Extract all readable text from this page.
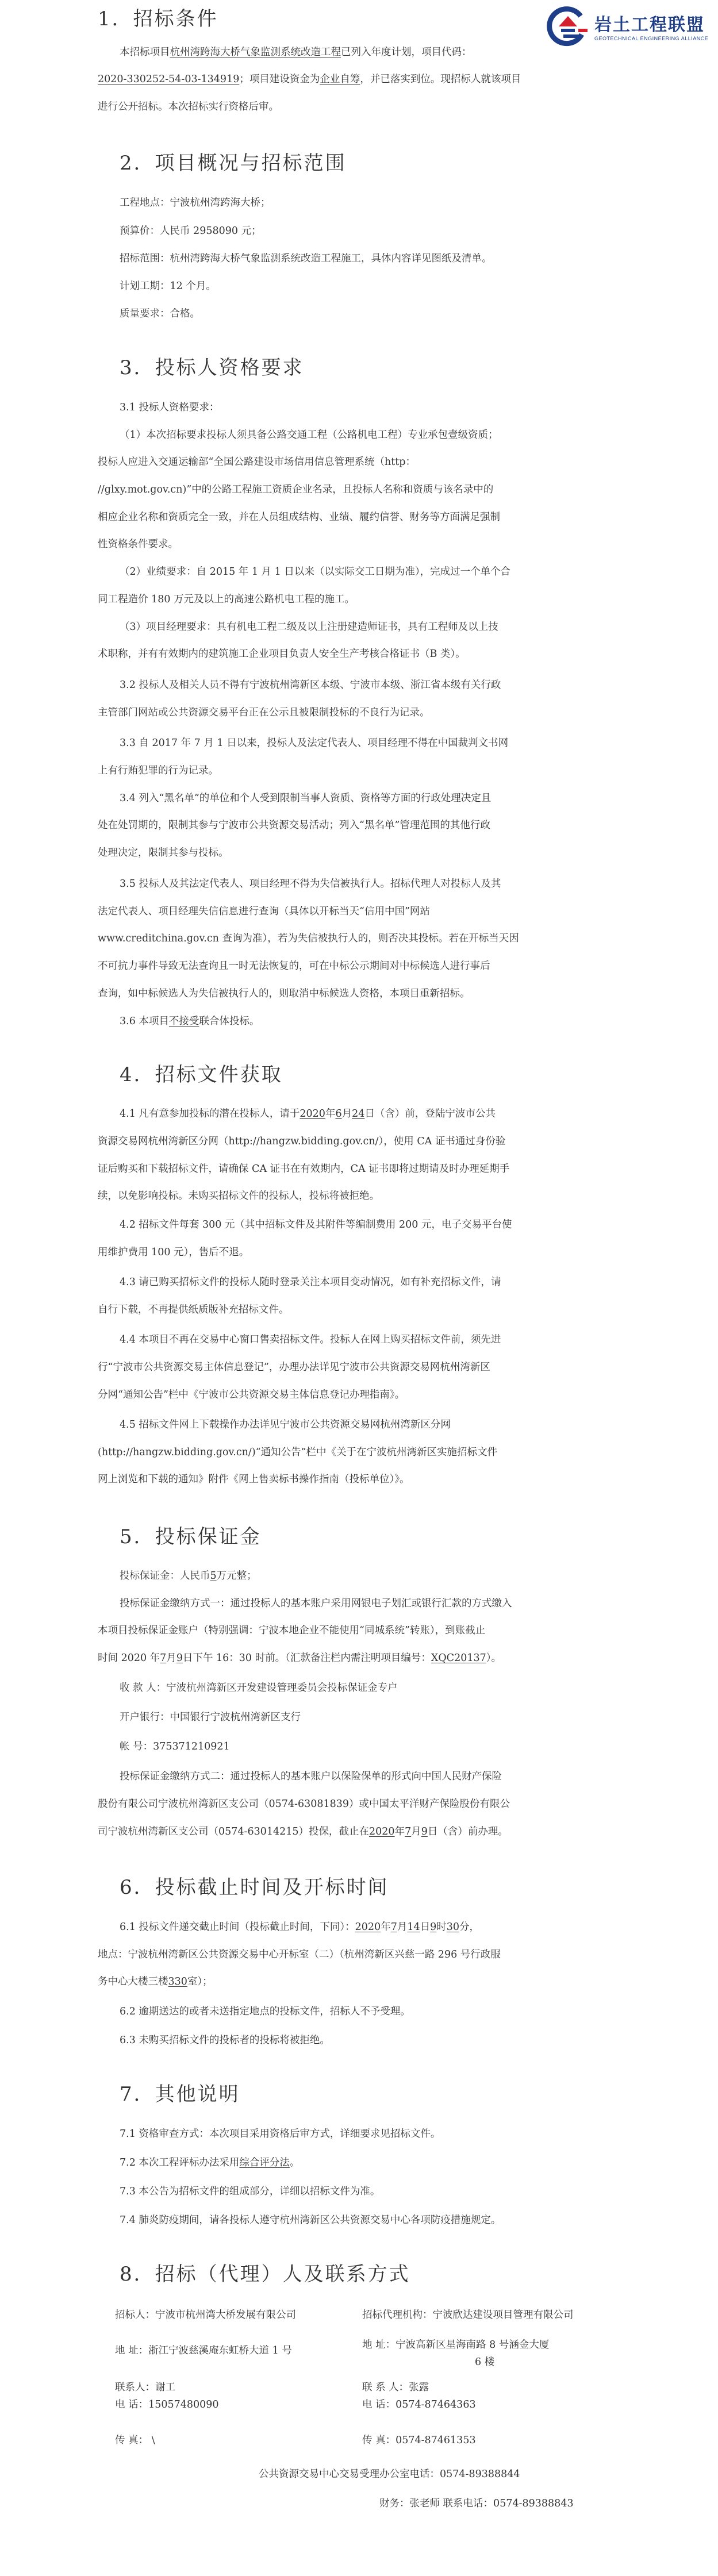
岩土工程联盟
GEOTECHNICAL ENGINEERING ALLIANCE
1．招标条件
本招标项目杭州湾跨海大桥气象监测系统改造工程已列入年度计划，项目代码：
2020-330252-54-03-134919；项目建设资金为企业自筹，并已落实到位。现招标人就该项目
进行公开招标。本次招标实行资格后审。
2．项目概况与招标范围
工程地点：宁波杭州湾跨海大桥；
预算价：人民币 2958090 元；
招标范围：杭州湾跨海大桥气象监测系统改造工程施工，具体内容详见图纸及清单。
计划工期：12 个月。
质量要求：合格。
3．投标人资格要求
3.1 投标人资格要求：
（1）本次招标要求投标人须具备公路交通工程（公路机电工程）专业承包壹级资质；
投标人应进入交通运输部“全国公路建设市场信用信息管理系统（http：
//glxy.mot.gov.cn)”中的公路工程施工资质企业名录，且投标人名称和资质与该名录中的
相应企业名称和资质完全一致，并在人员组成结构、业绩、履约信誉、财务等方面满足强制
性资格条件要求。
（2）业绩要求：自 2015 年 1 月 1 日以来（以实际交工日期为准），完成过一个单个合
同工程造价 180 万元及以上的高速公路机电工程的施工。
（3）项目经理要求：具有机电工程二级及以上注册建造师证书，具有工程师及以上技
术职称，并有有效期内的建筑施工企业项目负责人安全生产考核合格证书（B 类）。
3.2 投标人及相关人员不得有宁波杭州湾新区本级、宁波市本级、浙江省本级有关行政
主管部门网站或公共资源交易平台正在公示且被限制投标的不良行为记录。
3.3 自 2017 年 7 月 1 日以来，投标人及法定代表人、项目经理不得在中国裁判文书网
上有行贿犯罪的行为记录。
3.4 列入“黑名单”的单位和个人受到限制当事人资质、资格等方面的行政处理决定且
处在处罚期的，限制其参与宁波市公共资源交易活动；列入“黑名单”管理范围的其他行政
处理决定，限制其参与投标。
3.5 投标人及其法定代表人、项目经理不得为失信被执行人。招标代理人对投标人及其
法定代表人、项目经理失信信息进行查询（具体以开标当天“信用中国”网站
www.creditchina.gov.cn 查询为准），若为失信被执行人的，则否决其投标。若在开标当天因
不可抗力事件导致无法查询且一时无法恢复的，可在中标公示期间对中标候选人进行事后
查询，如中标候选人为失信被执行人的，则取消中标候选人资格，本项目重新招标。
3.6 本项目不接受联合体投标。
4．招标文件获取
4.1 凡有意参加投标的潜在投标人，请于2020年6月24日（含）前，登陆宁波市公共
资源交易网杭州湾新区分网（http://hangzw.bidding.gov.cn/），使用 CA 证书通过身份验
证后购买和下载招标文件，请确保 CA 证书在有效期内，CA 证书即将过期请及时办理延期手
续，以免影响投标。未购买招标文件的投标人，投标将被拒绝。
4.2 招标文件每套 300 元（其中招标文件及其附件等编制费用 200 元，电子交易平台使
用维护费用 100 元），售后不退。
4.3 请已购买招标文件的投标人随时登录关注本项目变动情况，如有补充招标文件，请
自行下载，不再提供纸质版补充招标文件。
4.4 本项目不再在交易中心窗口售卖招标文件。投标人在网上购买招标文件前，须先进
行“宁波市公共资源交易主体信息登记”，办理办法详见宁波市公共资源交易网杭州湾新区
分网“通知公告”栏中《宁波市公共资源交易主体信息登记办理指南》。
4.5 招标文件网上下载操作办法详见宁波市公共资源交易网杭州湾新区分网
(http://hangzw.bidding.gov.cn/)“通知公告”栏中《关于在宁波杭州湾新区实施招标文件
网上浏览和下载的通知》附件《网上售卖标书操作指南（投标单位）》。
5．投标保证金
投标保证金：人民币5万元整；
投标保证金缴纳方式一：通过投标人的基本账户采用网银电子划汇或银行汇款的方式缴入
本项目投标保证金账户（特别强调：宁波本地企业不能使用“同城系统”转账），到账截止
时间 2020 年7月9日下午 16：30 时前。（汇款备注栏内需注明项目编号：XQC20137）。
收 款 人：宁波杭州湾新区开发建设管理委员会投标保证金专户
开户银行：中国银行宁波杭州湾新区支行
帐 号：375371210921
投标保证金缴纳方式二：通过投标人的基本账户以保险保单的形式向中国人民财产保险
股份有限公司宁波杭州湾新区支公司（0574-63081839）或中国太平洋财产保险股份有限公
司宁波杭州湾新区支公司（0574-63014215）投保，截止在2020年7月9日（含）前办理。
6．投标截止时间及开标时间
6.1 投标文件递交截止时间（投标截止时间，下同）：2020年7月14日9时30分，
地点：宁波杭州湾新区公共资源交易中心开标室（二）（杭州湾新区兴慈一路 296 号行政服
务中心大楼三楼330室）；
6.2 逾期送达的或者未送指定地点的投标文件，招标人不予受理。
6.3 未购买招标文件的投标者的投标将被拒绝。
7．其他说明
7.1 资格审查方式：本次项目采用资格后审方式，详细要求见招标文件。
7.2 本次工程评标办法采用综合评分法。
7.3 本公告为招标文件的组成部分，详细以招标文件为准。
7.4 肺炎防疫期间，请各投标人遵守杭州湾新区公共资源交易中心各项防疫措施规定。
8．招标（代理）人及联系方式
招标人：宁波市杭州湾大桥发展有限公司	招标代理机构：宁波欣达建设项目管理有限公司
地 址：浙江宁波慈溪庵东虹桥大道 1 号	地 址：宁波高新区星海南路 8 号涵金大厦
6 楼
联系人：谢工	联 系 人：张露
电 话：15057480090	电 话：0574-87464363
传 真： \	传 真：0574-87461353
公共资源交易中心交易受理办公室电话：0574-89388844
财务：张老师 联系电话：0574-89388843
